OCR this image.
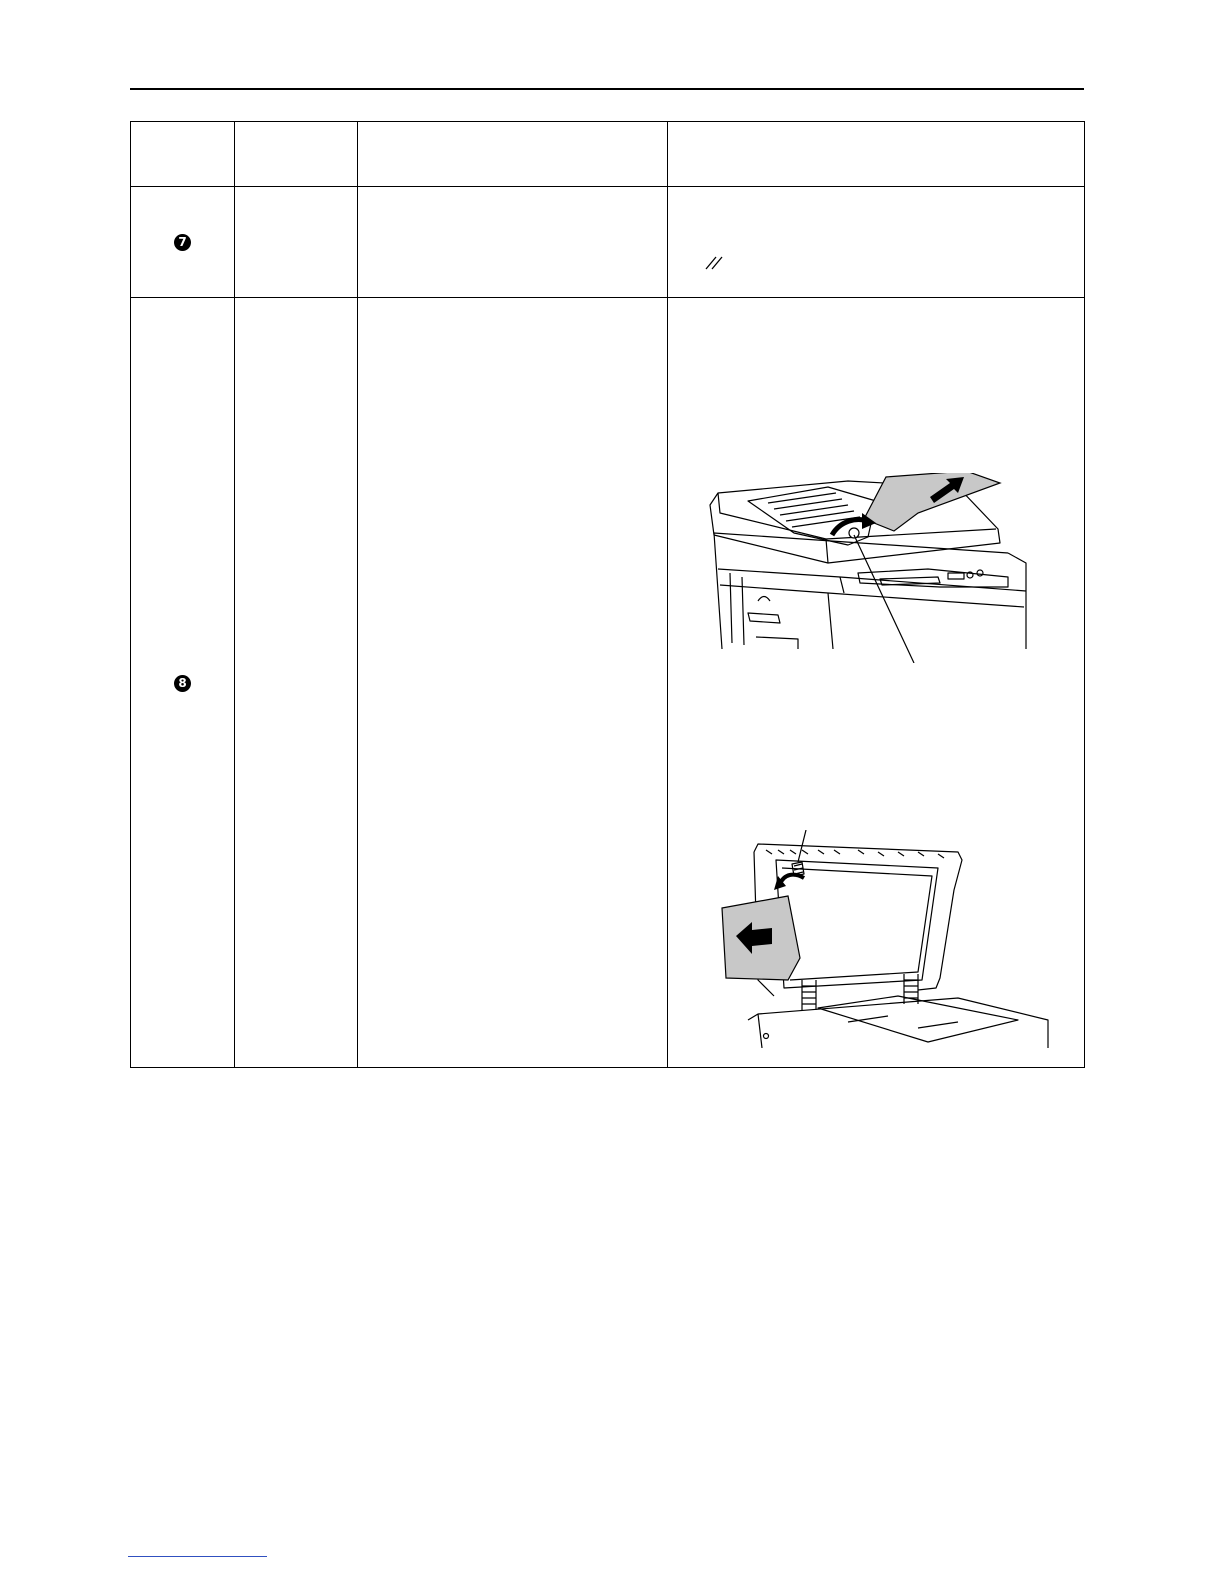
7			

8			
